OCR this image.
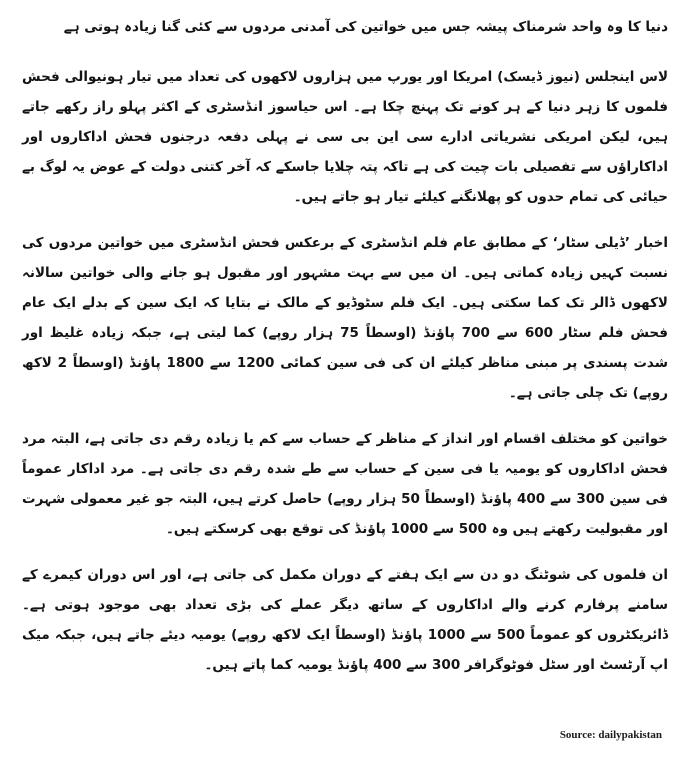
دنیا کا وہ واحد شرمناک پیشہ جس میں خواتین کی آمدنی مردوں سے کئی گنا زیادہ ہوتی ہے

لاس اینجلس (نیوز ڈیسک) امریکا اور یورپ میں ہزاروں لاکھوں کی تعداد میں تیار ہونیوالی فحش فلموں کا زہر دنیا کے ہر کونے تک پہنچ چکا ہے۔ اس حیاسوز انڈسٹری کے اکثر پہلو راز رکھے جاتے ہیں، لیکن امریکی نشریاتی ادارے سی این بی سی نے پہلی دفعہ درجنوں فحش اداکاروں اور اداکاراﺅں سے تفصیلی بات چیت کی ہے تاکہ پتہ چلایا جاسکے کہ آخر کتنی دولت کے عوض یہ لوگ بے حیائی کی تمام حدوں کو پھلانگنے کیلئے تیار ہو جاتے ہیں۔

اخبار ’ڈیلی سٹار‘ کے مطابق عام فلم انڈسٹری کے برعکس فحش انڈسٹری میں خواتین مردوں کی نسبت کہیں زیادہ کماتی ہیں۔ ان میں سے بہت مشہور اور مقبول ہو جانے والی خواتین سالانہ لاکھوں ڈالر تک کما سکتی ہیں۔ ایک فلم سٹوڈیو کے مالک نے بتایا کہ ایک سین کے بدلے ایک عام فحش فلم سٹار 600 سے 700 پاﺅنڈ (اوسطاً 75 ہزار روپے) کما لیتی ہے، جبکہ زیادہ غلیظ اور شدت پسندی پر مبنی مناظر کیلئے ان کی فی سین کمائی 1200 سے 1800 پاﺅنڈ (اوسطاً 2 لاکھ روپے) تک چلی جاتی ہے۔

خواتین کو مختلف اقسام اور انداز کے مناظر کے حساب سے کم یا زیادہ رقم دی جاتی ہے، البتہ مرد فحش اداکاروں کو یومیہ یا فی سین کے حساب سے طے شدہ رقم دی جاتی ہے۔ مرد اداکار عموماً فی سین 300 سے 400 پاﺅنڈ (اوسطاً 50 ہزار روپے) حاصل کرتے ہیں، البتہ جو غیر معمولی شہرت اور مقبولیت رکھتے ہیں وہ 500 سے 1000 پاﺅنڈ کی توقع بھی کرسکتے ہیں۔

ان فلموں کی شوٹنگ دو دن سے ایک ہفتے کے دوران مکمل کی جاتی ہے، اور اس دوران کیمرے کے سامنے پرفارم کرنے والے اداکاروں کے ساتھ دیگر عملے کی بڑی تعداد بھی موجود ہوتی ہے۔ ڈائریکٹروں کو عموماً 500 سے 1000 پاﺅنڈ (اوسطاً ایک لاکھ روپے) یومیہ دیئے جاتے ہیں، جبکہ میک اپ آرٹسٹ اور سٹل فوٹوگرافر 300 سے 400 پاﺅنڈ یومیہ کما پاتے ہیں۔

Source: dailypakistan
